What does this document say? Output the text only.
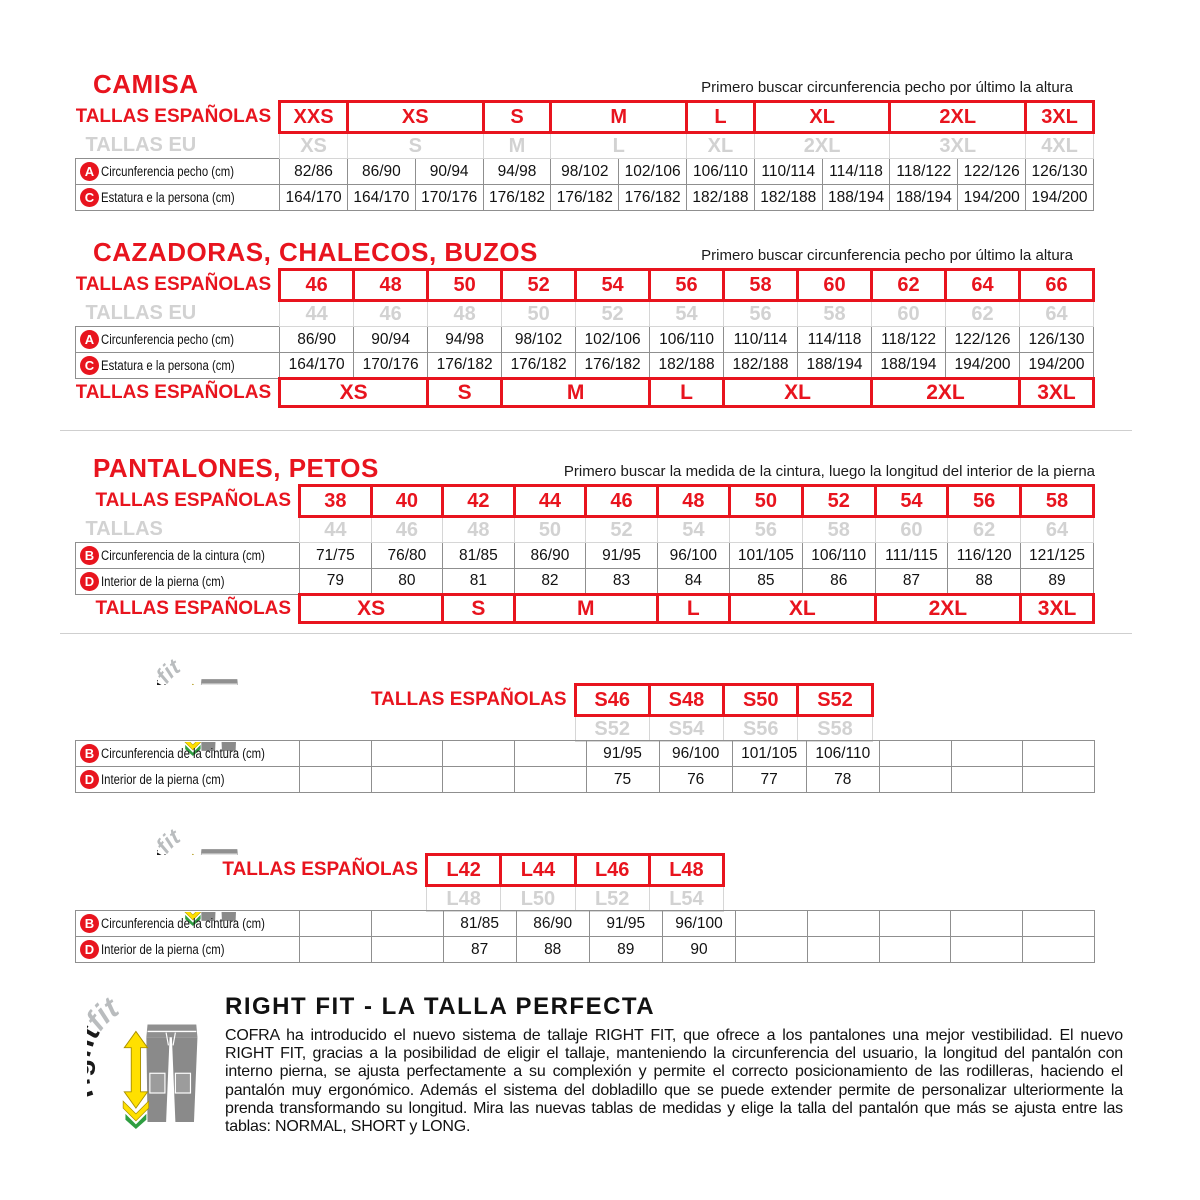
CAMISA	Primero buscar circunferencia pecho por último la altura
TALLAS ESPAÑOLAS	XXS	XS		S	M		L	XL		2XL		3XL
TALLAS EU	XS	S		M	L		XL	2XL		3XL		4XL
A Circunferencia pecho (cm)	82/86	86/90	90/94	94/98	98/102	102/106	106/110	110/114	114/118	118/122	122/126	126/130
C Estatura e la persona (cm)	164/170	164/170	170/176	176/182	176/182	176/182	182/188	182/188	188/194	188/194	194/200	194/200
CAZADORAS, CHALECOS, BUZOS	Primero buscar circunferencia pecho por último la altura
TALLAS ESPAÑOLAS	46	48	50	52	54	56	58	60	62	64	66
TALLAS EU	44	46	48	50	52	54	56	58	60	62	64
A Circunferencia pecho (cm)	86/90	90/94	94/98	98/102	102/106	106/110	110/114	114/118	118/122	122/126	126/130
C Estatura e la persona (cm)	164/170	170/176	176/182	176/182	176/182	182/188	182/188	188/194	188/194	194/200	194/200
TALLAS ESPAÑOLAS	XS		S	M		L	XL		2XL		3XL
PANTALONES, PETOS	Primero buscar la medida de la cintura, luego la longitud del interior de la pierna
TALLAS ESPAÑOLAS	38	40	42	44	46	48	50	52	54	56	58
TALLAS	44	46	48	50	52	54	56	58	60	62	64
B Circunferencia de la cintura (cm)	71/75	76/80	81/85	86/90	91/95	96/100	101/105	106/110	111/115	116/120	121/125
D Interior de la pierna (cm)	79	80	81	82	83	84	85	86	87	88	89
TALLAS ESPAÑOLAS	XS		S	M		L	XL		2XL		3XL
TALLAS ESPAÑOLAS	S46	S48	S50	S52
	S52	S54	S56	S58
B Circunferencia de la cintura (cm)					91/95	96/100	101/105	106/110			
D Interior de la pierna (cm)					75	76	77	78			
TALLAS ESPAÑOLAS	L42	L44	L46	L48
	L48	L50	L52	L54
B Circunferencia de la cintura (cm)			81/85	86/90	91/95	96/100					
D Interior de la pierna (cm)			87	88	89	90					
RIGHT FIT - LA TALLA PERFECTA

COFRA ha introducido el nuevo sistema de tallaje RIGHT FIT, que ofrece a los pantalones una mejor vestibilidad. El nuevo RIGHT FIT, gracias a la posibilidad de eligir el tallaje, manteniendo la circunferencia del usuario, la longitud del pantalón con interno pierna, se ajusta perfectamente a su complexión y permite el correcto posicionamiento de las rodilleras, haciendo el pantalón muy ergonómico. Además el sistema del dobladillo que se puede extender permite de personalizar ulteriormente la prenda transformando su longitud. Mira las nuevas tablas de medidas y elige la talla del pantalón que más se ajusta entre las tablas: NORMAL, SHORT y LONG.
